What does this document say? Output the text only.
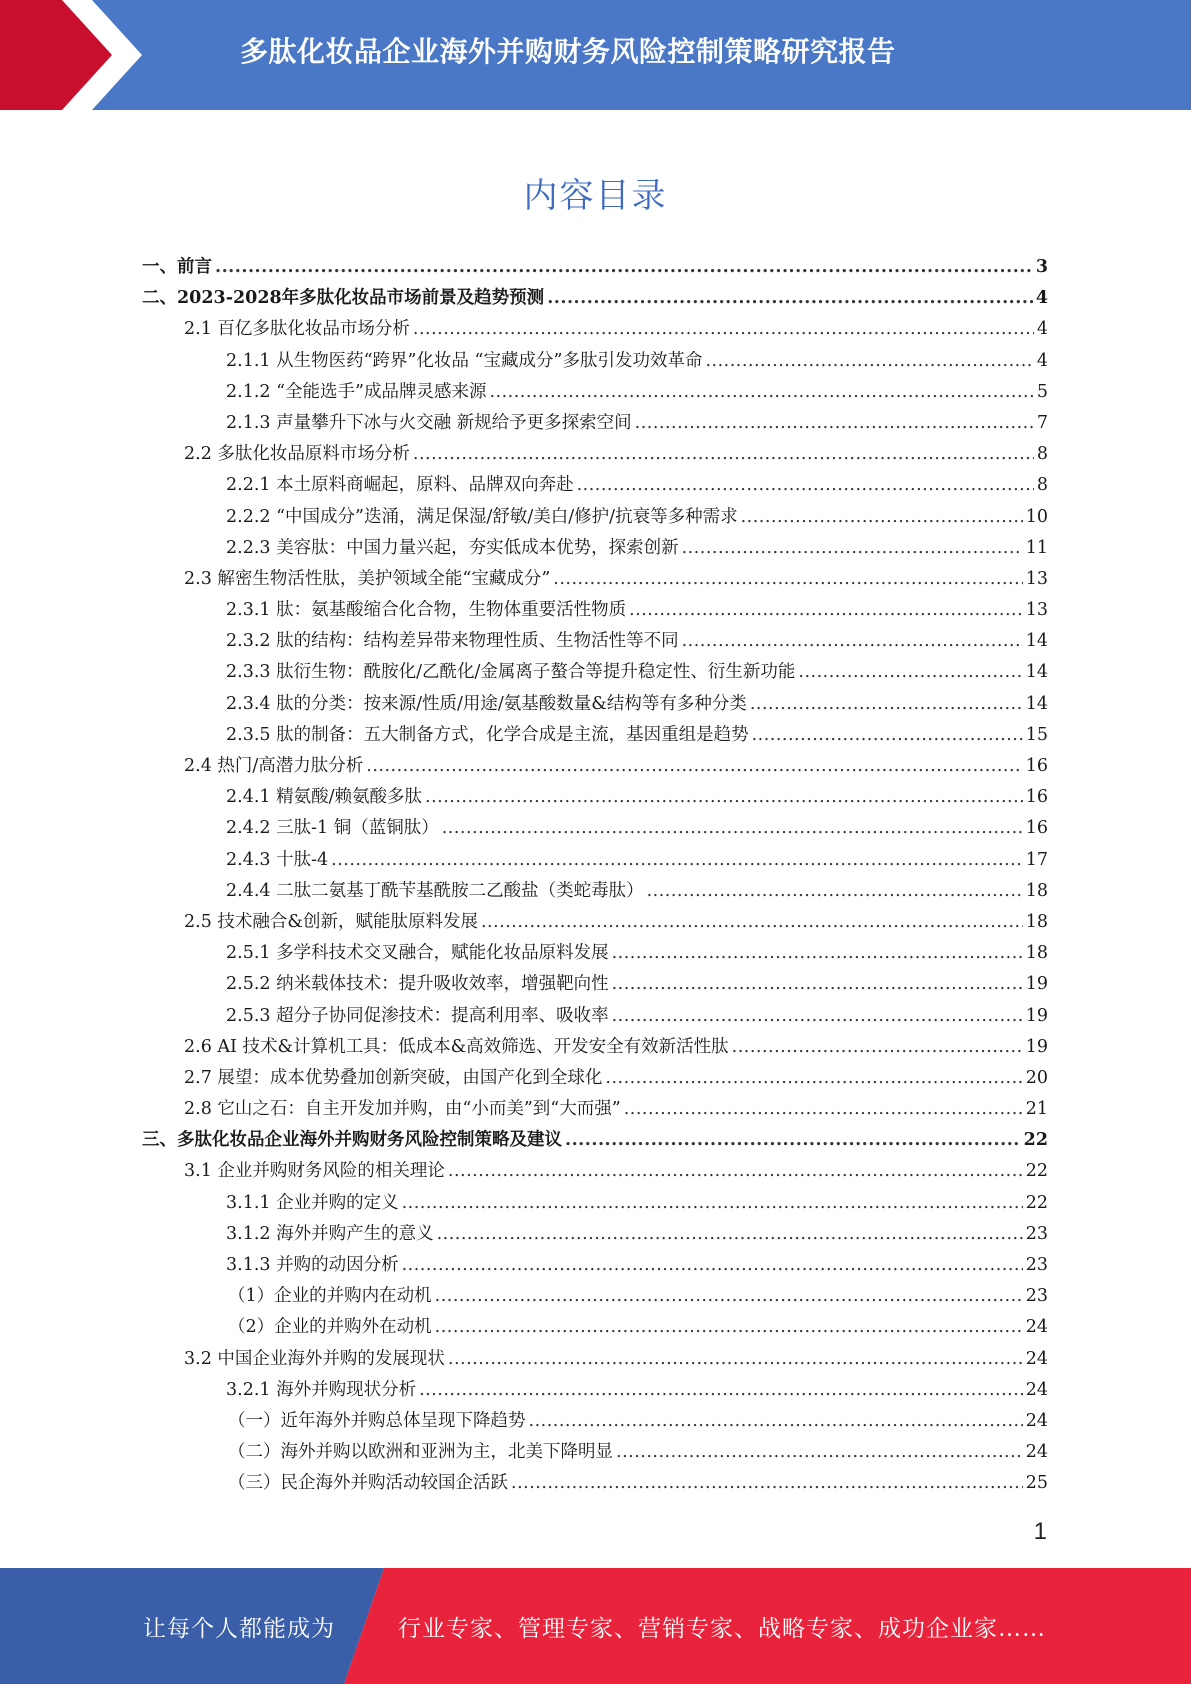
多肽化妆品企业海外并购财务风险控制策略研究报告
内容目录
一、前言 .....	3
二、2023-2028年多肽化妆品市场前景及趋势预测 .....	4
2.1 百亿多肽化妆品市场分析 .....	4
2.1.1 从生物医药“跨界”化妆品 “宝藏成分”多肽引发功效革命 .....	4
2.1.2 “全能选手”成品牌灵感来源 .....	5
2.1.3 声量攀升下冰与火交融 新规给予更多探索空间 .....	7
2.2 多肽化妆品原料市场分析 .....	8
2.2.1 本土原料商崛起，原料、品牌双向奔赴 .....	8
2.2.2 “中国成分”迭涌，满足保湿/舒敏/美白/修护/抗衰等多种需求 .....	10
2.2.3 美容肽：中国力量兴起，夯实低成本优势，探索创新 .....	11
2.3 解密生物活性肽，美护领域全能“宝藏成分” .....	13
2.3.1 肽：氨基酸缩合化合物，生物体重要活性物质 .....	13
2.3.2 肽的结构：结构差异带来物理性质、生物活性等不同 .....	14
2.3.3 肽衍生物：酰胺化/乙酰化/金属离子螯合等提升稳定性、衍生新功能 .....	14
2.3.4 肽的分类：按来源/性质/用途/氨基酸数量&结构等有多种分类 .....	14
2.3.5 肽的制备：五大制备方式，化学合成是主流，基因重组是趋势 .....	15
2.4 热门/高潜力肽分析 .....	16
2.4.1 精氨酸/赖氨酸多肽 .....	16
2.4.2 三肽-1 铜（蓝铜肽） .....	16
2.4.3 十肽-4 .....	17
2.4.4 二肽二氨基丁酰苄基酰胺二乙酸盐（类蛇毒肽） .....	18
2.5 技术融合&创新，赋能肽原料发展 .....	18
2.5.1 多学科技术交叉融合，赋能化妆品原料发展 .....	18
2.5.2 纳米载体技术：提升吸收效率，增强靶向性 .....	19
2.5.3 超分子协同促渗技术：提高利用率、吸收率 .....	19
2.6 AI 技术&计算机工具：低成本&高效筛选、开发安全有效新活性肽 .....	19
2.7 展望：成本优势叠加创新突破，由国产化到全球化 .....	20
2.8 它山之石：自主开发加并购，由“小而美”到“大而强” .....	21
三、多肽化妆品企业海外并购财务风险控制策略及建议 .....	22
3.1 企业并购财务风险的相关理论 .....	22
3.1.1 企业并购的定义 .....	22
3.1.2 海外并购产生的意义 .....	23
3.1.3 并购的动因分析 .....	23
（1）企业的并购内在动机 .....	23
（2）企业的并购外在动机 .....	24
3.2 中国企业海外并购的发展现状 .....	24
3.2.1 海外并购现状分析 .....	24
（一）近年海外并购总体呈现下降趋势 .....	24
（二）海外并购以欧洲和亚洲为主，北美下降明显 .....	24
（三）民企海外并购活动较国企活跃 .....	25
1
让每个人都能成为	行业专家、管理专家、营销专家、战略专家、成功企业家……
